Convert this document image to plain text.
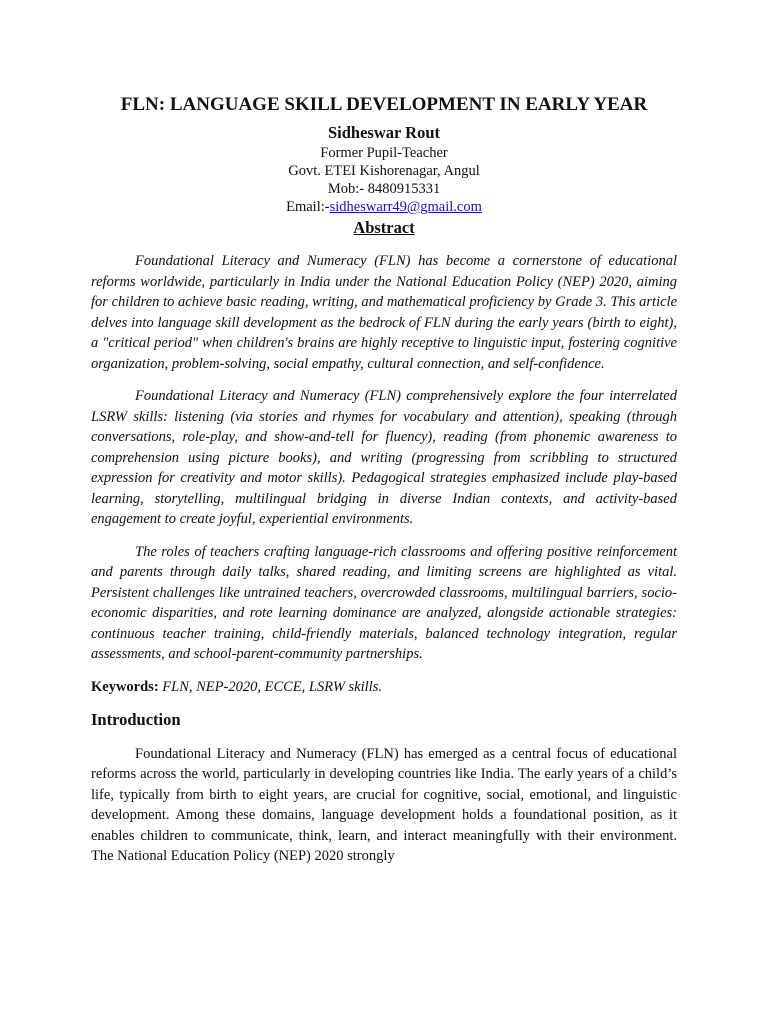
FLN: LANGUAGE SKILL DEVELOPMENT IN EARLY YEAR
Sidheswar Rout
Former Pupil-Teacher
Govt. ETEI Kishorenagar, Angul
Mob:- 8480915331
Email:-sidheswarr49@gmail.com
Abstract

Foundational Literacy and Numeracy (FLN) has become a cornerstone of educational reforms worldwide, particularly in India under the National Education Policy (NEP) 2020, aiming for children to achieve basic reading, writing, and mathematical proficiency by Grade 3. This article delves into language skill development as the bedrock of FLN during the early years (birth to eight), a "critical period" when children's brains are highly receptive to linguistic input, fostering cognitive organization, problem-solving, social empathy, cultural connection, and self-confidence.

Foundational Literacy and Numeracy (FLN) comprehensively explore the four interrelated LSRW skills: listening (via stories and rhymes for vocabulary and attention), speaking (through conversations, role-play, and show-and-tell for fluency), reading (from phonemic awareness to comprehension using picture books), and writing (progressing from scribbling to structured expression for creativity and motor skills). Pedagogical strategies emphasized include play-based learning, storytelling, multilingual bridging in diverse Indian contexts, and activity-based engagement to create joyful, experiential environments.

The roles of teachers crafting language-rich classrooms and offering positive reinforcement and parents through daily talks, shared reading, and limiting screens are highlighted as vital. Persistent challenges like untrained teachers, overcrowded classrooms, multilingual barriers, socio-economic disparities, and rote learning dominance are analyzed, alongside actionable strategies: continuous teacher training, child-friendly materials, balanced technology integration, regular assessments, and school-parent-community partnerships.

Keywords: FLN, NEP-2020, ECCE, LSRW skills.
Introduction

Foundational Literacy and Numeracy (FLN) has emerged as a central focus of educational reforms across the world, particularly in developing countries like India. The early years of a child’s life, typically from birth to eight years, are crucial for cognitive, social, emotional, and linguistic development. Among these domains, language development holds a foundational position, as it enables children to communicate, think, learn, and interact meaningfully with their environment. The National Education Policy (NEP) 2020 strongly
